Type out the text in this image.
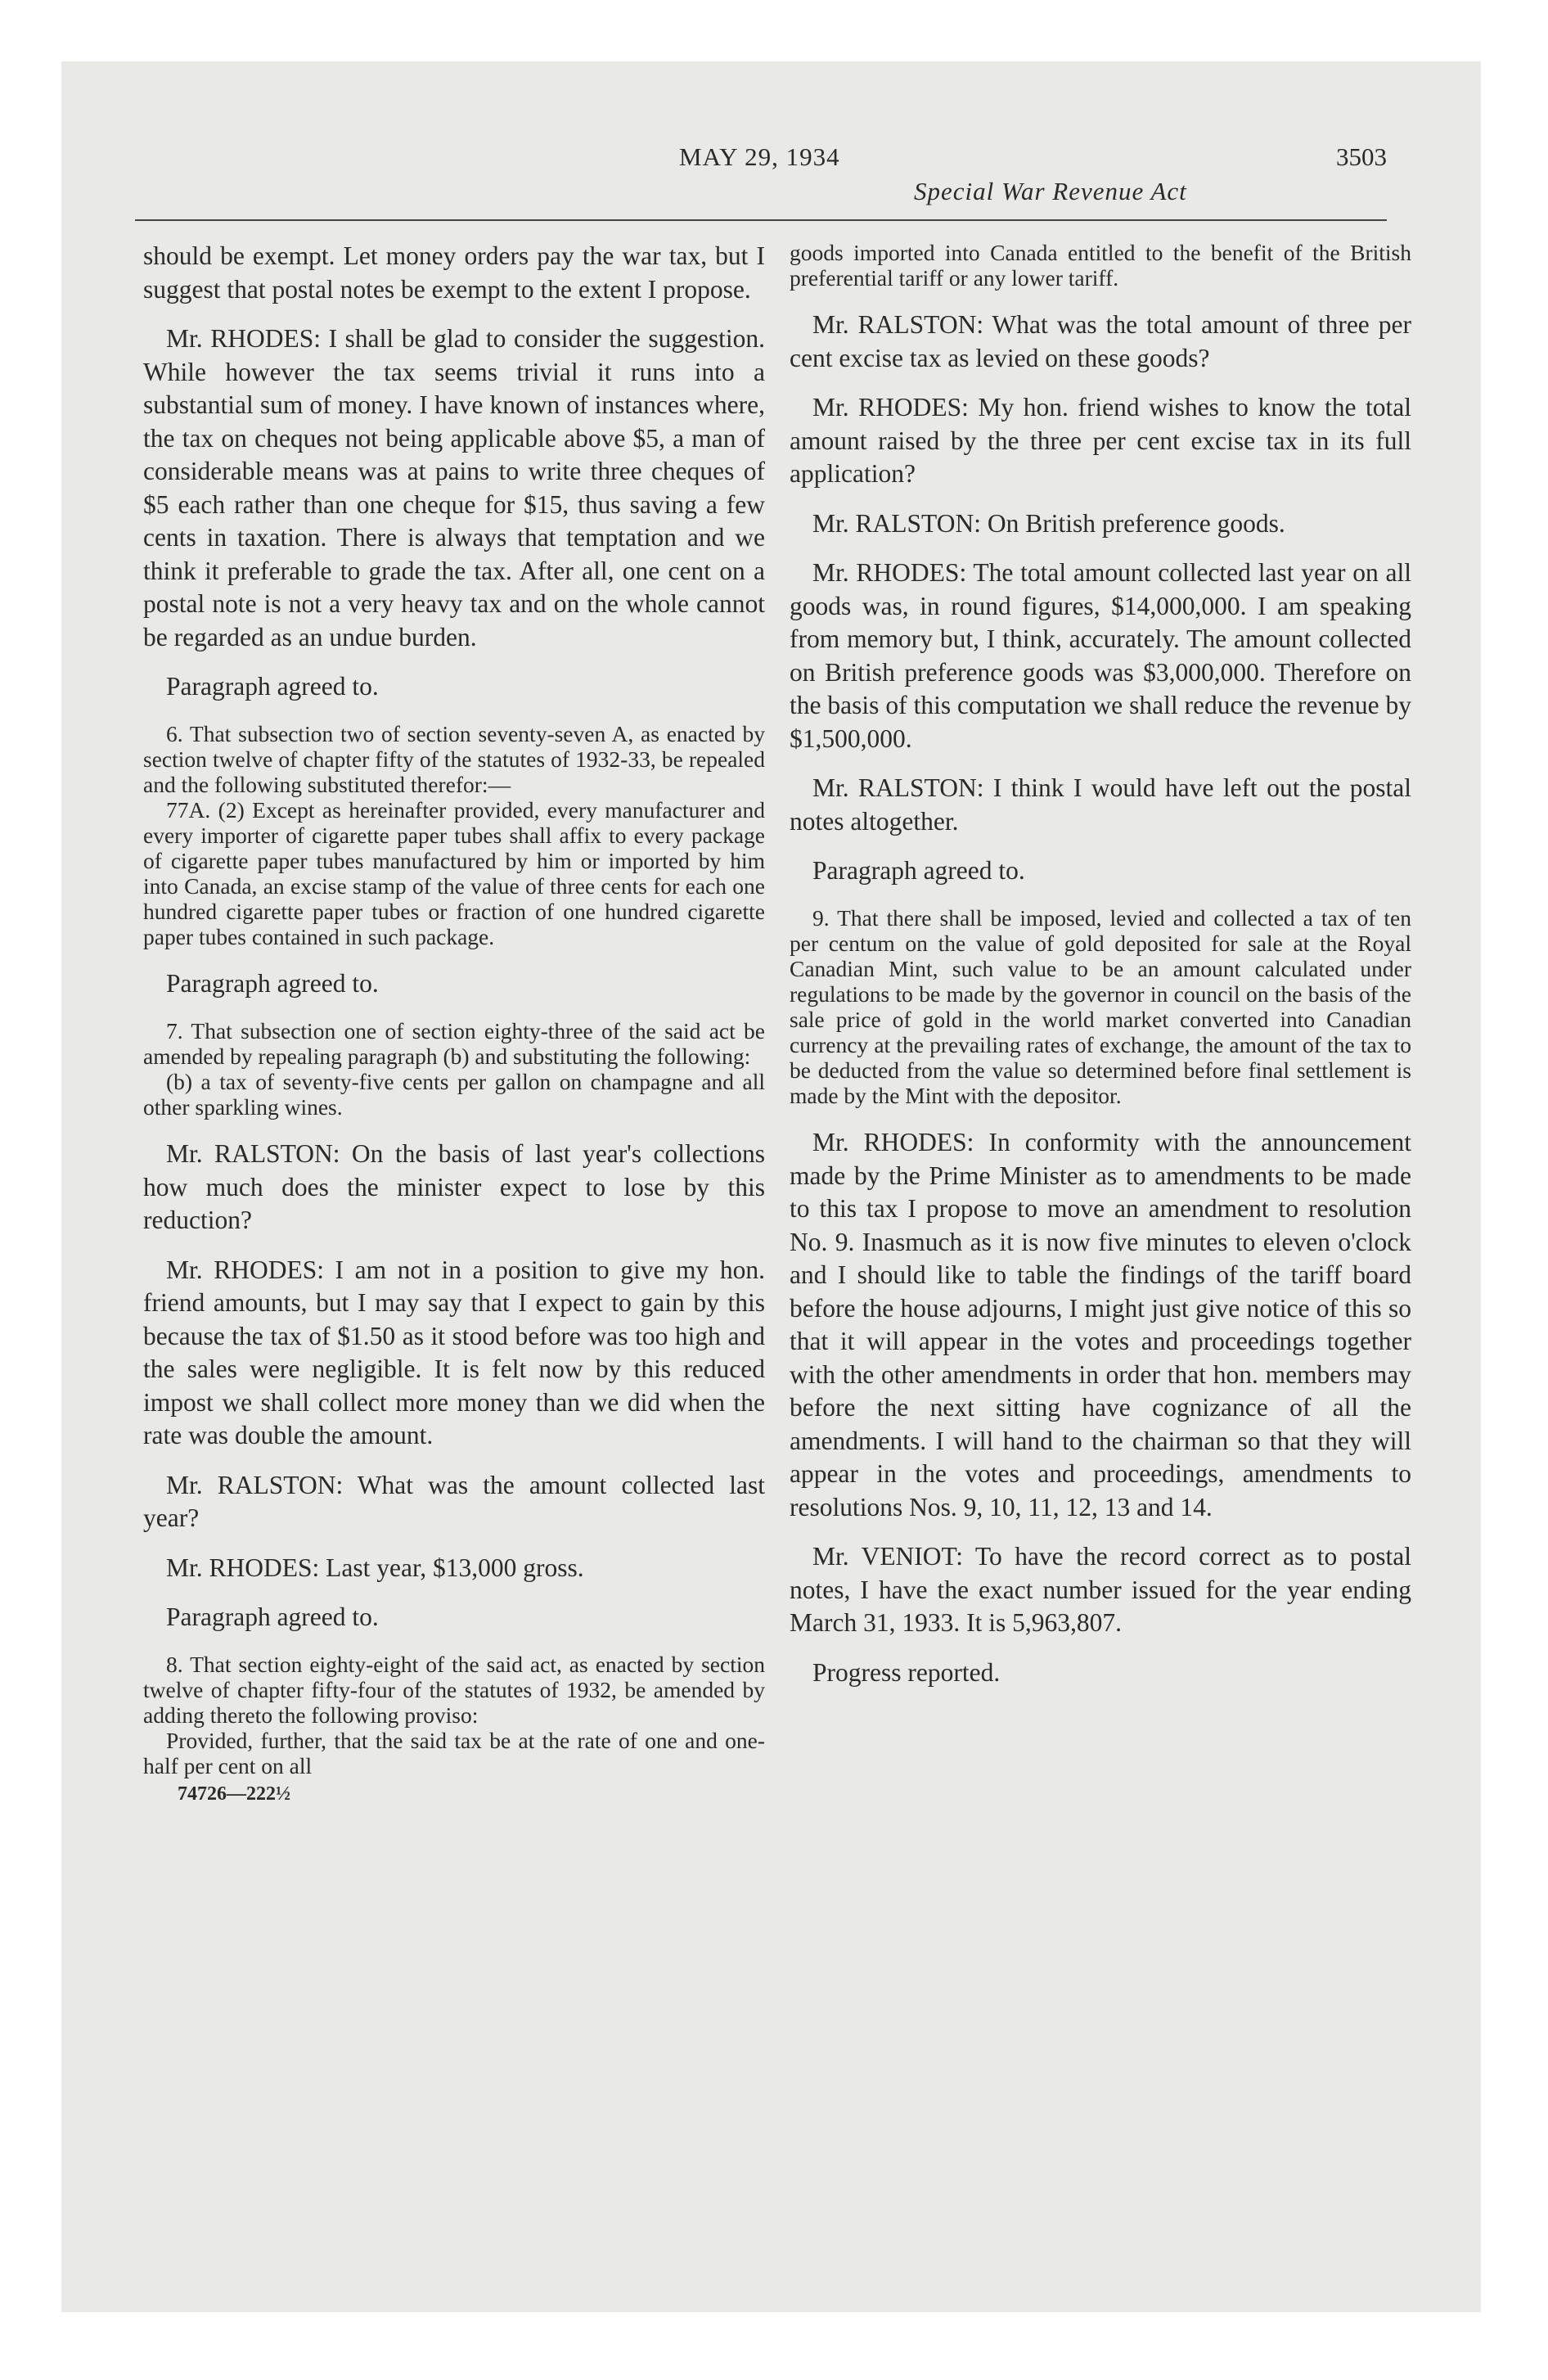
MAY 29, 1934	3503
Special War Revenue Act

should be exempt. Let money orders pay the war tax, but I suggest that postal notes be exempt to the extent I propose.

Mr. RHODES: I shall be glad to consider the suggestion. While however the tax seems trivial it runs into a substantial sum of money. I have known of instances where, the tax on cheques not being applicable above $5, a man of considerable means was at pains to write three cheques of $5 each rather than one cheque for $15, thus saving a few cents in taxation. There is always that temptation and we think it preferable to grade the tax. After all, one cent on a postal note is not a very heavy tax and on the whole cannot be regarded as an undue burden.

Paragraph agreed to.

6. That subsection two of section seventy-seven A, as enacted by section twelve of chapter fifty of the statutes of 1932-33, be repealed and the following substituted therefor:—

77A. (2) Except as hereinafter provided, every manufacturer and every importer of cigarette paper tubes shall affix to every package of cigarette paper tubes manufactured by him or imported by him into Canada, an excise stamp of the value of three cents for each one hundred cigarette paper tubes or fraction of one hundred cigarette paper tubes contained in such package.

Paragraph agreed to.

7. That subsection one of section eighty-three of the said act be amended by repealing paragraph (b) and substituting the following:

(b) a tax of seventy-five cents per gallon on champagne and all other sparkling wines.

Mr. RALSTON: On the basis of last year's collections how much does the minister expect to lose by this reduction?

Mr. RHODES: I am not in a position to give my hon. friend amounts, but I may say that I expect to gain by this because the tax of $1.50 as it stood before was too high and the sales were negligible. It is felt now by this reduced impost we shall collect more money than we did when the rate was double the amount.

Mr. RALSTON: What was the amount collected last year?

Mr. RHODES: Last year, $13,000 gross.

Paragraph agreed to.

8. That section eighty-eight of the said act, as enacted by section twelve of chapter fifty-four of the statutes of 1932, be amended by adding thereto the following proviso:

Provided, further, that the said tax be at the rate of one and one-half per cent on all

74726—222½

goods imported into Canada entitled to the benefit of the British preferential tariff or any lower tariff.

Mr. RALSTON: What was the total amount of three per cent excise tax as levied on these goods?

Mr. RHODES: My hon. friend wishes to know the total amount raised by the three per cent excise tax in its full application?

Mr. RALSTON: On British preference goods.

Mr. RHODES: The total amount collected last year on all goods was, in round figures, $14,000,000. I am speaking from memory but, I think, accurately. The amount collected on British preference goods was $3,000,000. Therefore on the basis of this computation we shall reduce the revenue by $1,500,000.

Mr. RALSTON: I think I would have left out the postal notes altogether.

Paragraph agreed to.

9. That there shall be imposed, levied and collected a tax of ten per centum on the value of gold deposited for sale at the Royal Canadian Mint, such value to be an amount calculated under regulations to be made by the governor in council on the basis of the sale price of gold in the world market converted into Canadian currency at the prevailing rates of exchange, the amount of the tax to be deducted from the value so determined before final settlement is made by the Mint with the depositor.

Mr. RHODES: In conformity with the announcement made by the Prime Minister as to amendments to be made to this tax I propose to move an amendment to resolution No. 9. Inasmuch as it is now five minutes to eleven o'clock and I should like to table the findings of the tariff board before the house adjourns, I might just give notice of this so that it will appear in the votes and proceedings together with the other amendments in order that hon. members may before the next sitting have cognizance of all the amendments. I will hand to the chairman so that they will appear in the votes and proceedings, amendments to resolutions Nos. 9, 10, 11, 12, 13 and 14.

Mr. VENIOT: To have the record correct as to postal notes, I have the exact number issued for the year ending March 31, 1933. It is 5,963,807.

Progress reported.
